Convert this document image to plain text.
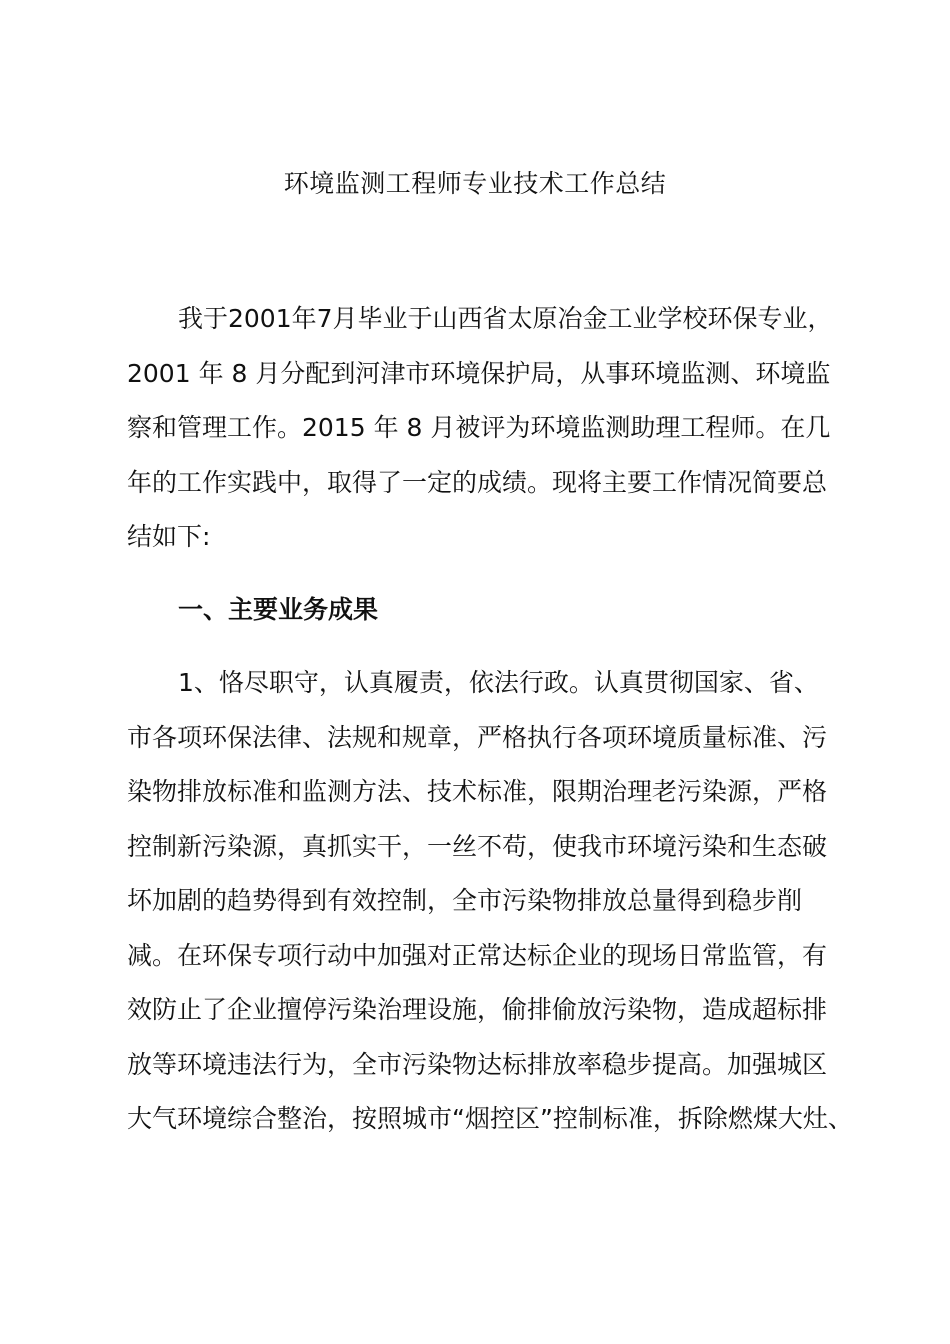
环境监测工程师专业技术工作总结
我于2001年7月毕业于山西省太原冶金工业学校环保专业，
2001 年 8 月分配到河津市环境保护局，从事环境监测、环境监
察和管理工作。2015 年 8 月被评为环境监测助理工程师。在几
年的工作实践中，取得了一定的成绩。现将主要工作情况简要总
结如下:
一、主要业务成果
1、恪尽职守，认真履责，依法行政。认真贯彻国家、省、
市各项环保法律、法规和规章，严格执行各项环境质量标准、污
染物排放标准和监测方法、技术标准，限期治理老污染源，严格
控制新污染源，真抓实干，一丝不苟，使我市环境污染和生态破
坏加剧的趋势得到有效控制，全市污染物排放总量得到稳步削
减。在环保专项行动中加强对正常达标企业的现场日常监管，有
效防止了企业擅停污染治理设施，偷排偷放污染物，造成超标排
放等环境违法行为，全市污染物达标排放率稳步提高。加强城区
大气环境综合整治，按照城市“烟控区”控制标准，拆除燃煤大灶、
